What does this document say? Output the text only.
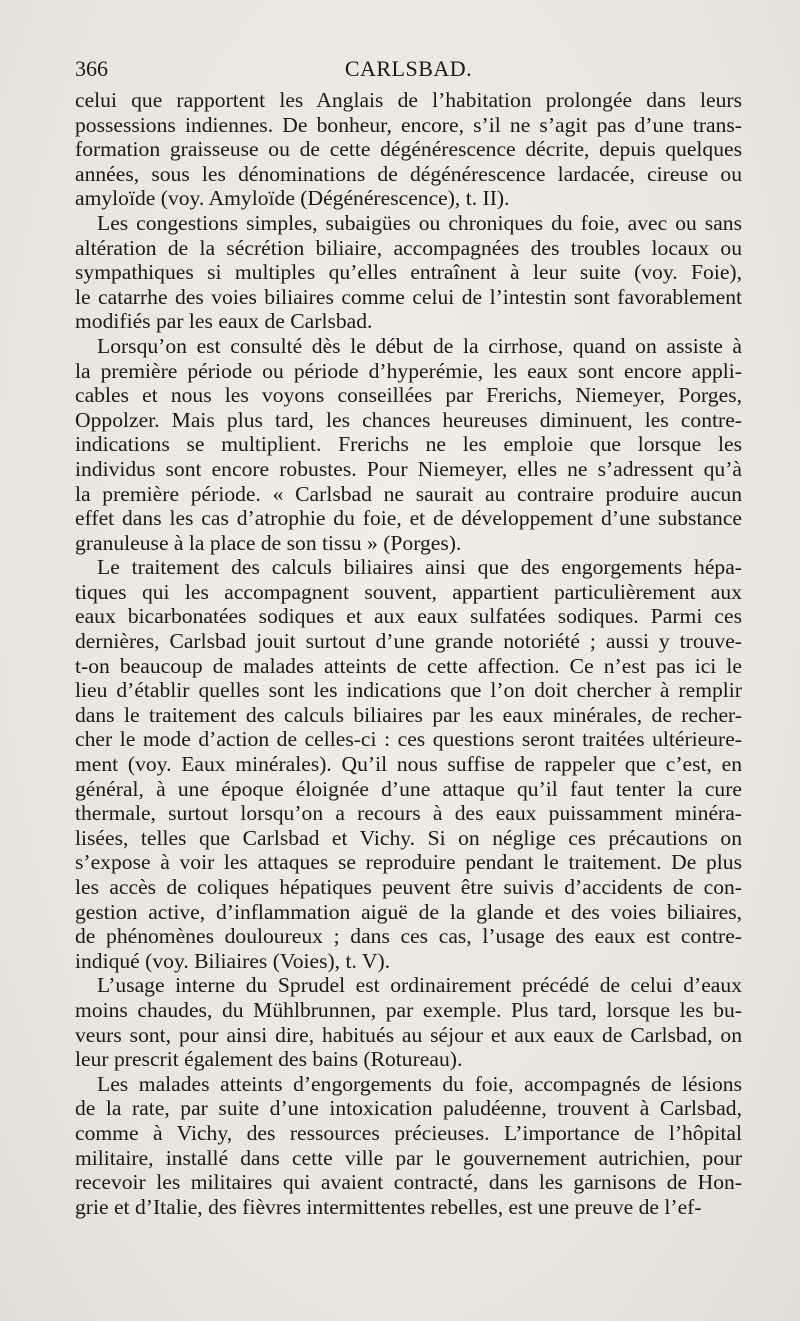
366	CARLSBAD.
celui que rapportent les Anglais de l’habitation prolongée dans leurs
possessions indiennes. De bonheur, encore, s’il ne s’agit pas d’une trans-
formation graisseuse ou de cette dégénérescence décrite, depuis quelques
années, sous les dénominations de dégénérescence lardacée, cireuse ou
amyloïde (voy. Amyloïde (Dégénérescence), t. II).
Les congestions simples, subaigües ou chroniques du foie, avec ou sans
altération de la sécrétion biliaire, accompagnées des troubles locaux ou
sympathiques si multiples qu’elles entraînent à leur suite (voy. Foie),
le catarrhe des voies biliaires comme celui de l’intestin sont favorablement
modifiés par les eaux de Carlsbad.
Lorsqu’on est consulté dès le début de la cirrhose, quand on assiste à
la première période ou période d’hyperémie, les eaux sont encore appli-
cables et nous les voyons conseillées par Frerichs, Niemeyer, Porges,
Oppolzer. Mais plus tard, les chances heureuses diminuent, les contre-
indications se multiplient. Frerichs ne les emploie que lorsque les
individus sont encore robustes. Pour Niemeyer, elles ne s’adressent qu’à
la première période. « Carlsbad ne saurait au contraire produire aucun
effet dans les cas d’atrophie du foie, et de développement d’une substance
granuleuse à la place de son tissu » (Porges).
Le traitement des calculs biliaires ainsi que des engorgements hépa-
tiques qui les accompagnent souvent, appartient particulièrement aux
eaux bicarbonatées sodiques et aux eaux sulfatées sodiques. Parmi ces
dernières, Carlsbad jouit surtout d’une grande notoriété ; aussi y trouve-
t-on beaucoup de malades atteints de cette affection. Ce n’est pas ici le
lieu d’établir quelles sont les indications que l’on doit chercher à remplir
dans le traitement des calculs biliaires par les eaux minérales, de recher-
cher le mode d’action de celles-ci : ces questions seront traitées ultérieure-
ment (voy. Eaux minérales). Qu’il nous suffise de rappeler que c’est, en
général, à une époque éloignée d’une attaque qu’il faut tenter la cure
thermale, surtout lorsqu’on a recours à des eaux puissamment minéra-
lisées, telles que Carlsbad et Vichy. Si on néglige ces précautions on
s’expose à voir les attaques se reproduire pendant le traitement. De plus
les accès de coliques hépatiques peuvent être suivis d’accidents de con-
gestion active, d’inflammation aiguë de la glande et des voies biliaires,
de phénomènes douloureux ; dans ces cas, l’usage des eaux est contre-
indiqué (voy. Biliaires (Voies), t. V).
L’usage interne du Sprudel est ordinairement précédé de celui d’eaux
moins chaudes, du Mühlbrunnen, par exemple. Plus tard, lorsque les bu-
veurs sont, pour ainsi dire, habitués au séjour et aux eaux de Carlsbad, on
leur prescrit également des bains (Rotureau).
Les malades atteints d’engorgements du foie, accompagnés de lésions
de la rate, par suite d’une intoxication paludéenne, trouvent à Carlsbad,
comme à Vichy, des ressources précieuses. L’importance de l’hôpital
militaire, installé dans cette ville par le gouvernement autrichien, pour
recevoir les militaires qui avaient contracté, dans les garnisons de Hon-
grie et d’Italie, des fièvres intermittentes rebelles, est une preuve de l’ef-
